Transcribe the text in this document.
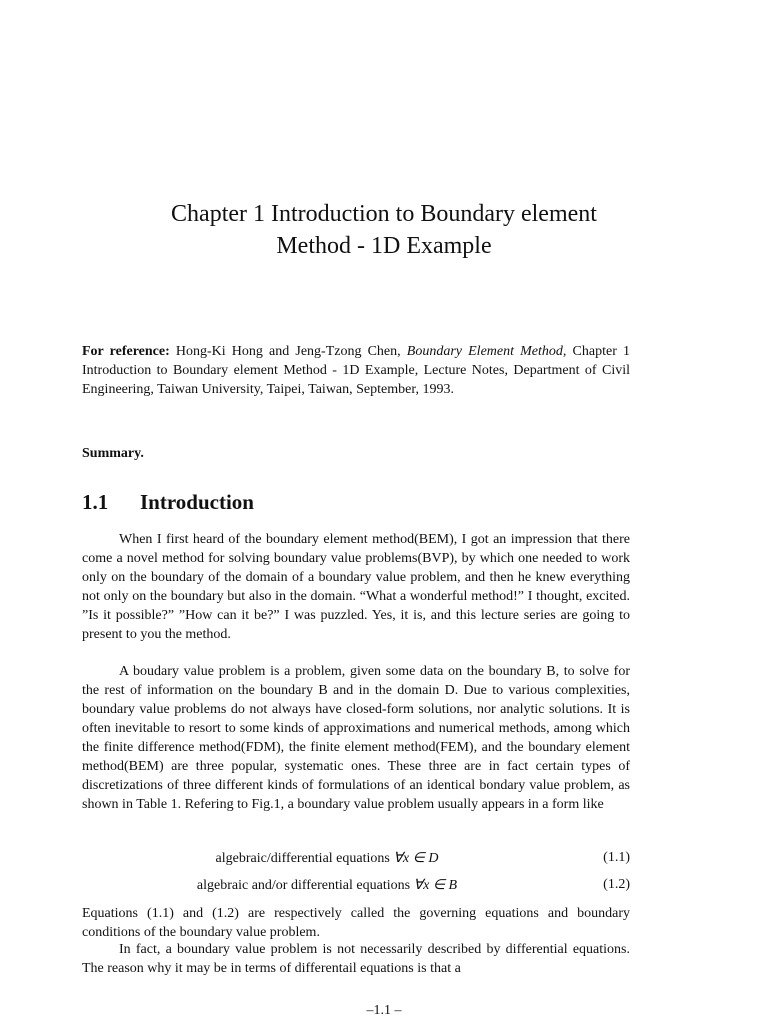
Chapter 1 Introduction to Boundary element
Method - 1D Example

For reference: Hong-Ki Hong and Jeng-Tzong Chen, Boundary Element Method, Chapter 1 Introduction to Boundary element Method - 1D Example, Lecture Notes, Department of Civil Engineering, Taiwan University, Taipei, Taiwan, September, 1993.

Summary.

1.1 Introduction

When I first heard of the boundary element method(BEM), I got an impression that there come a novel method for solving boundary value problems(BVP), by which one needed to work only on the boundary of the domain of a boundary value problem, and then he knew everything not only on the boundary but also in the domain. “What a wonderful method!” I thought, excited. ”Is it possible?” ”How can it be?” I was puzzled. Yes, it is, and this lecture series are going to present to you the method.

A boudary value problem is a problem, given some data on the boundary B, to solve for the rest of information on the boundary B and in the domain D. Due to various complexities, boundary value problems do not always have closed-form solutions, nor analytic solutions. It is often inevitable to resort to some kinds of approximations and numerical methods, among which the finite difference method(FDM), the finite element method(FEM), and the boundary element method(BEM) are three popular, systematic ones. These three are in fact certain types of discretizations of three different kinds of formulations of an identical bondary value problem, as shown in Table 1. Refering to Fig.1, a boundary value problem usually appears in a form like

algebraic/differential equations ∀x ∈ D	(1.1)
algebraic and/or differential equations ∀x ∈ B	(1.2)

Equations (1.1) and (1.2) are respectively called the governing equations and boundary conditions of the boundary value problem.

In fact, a boundary value problem is not necessarily described by differential equations. The reason why it may be in terms of differentail equations is that a

–1.1 –
